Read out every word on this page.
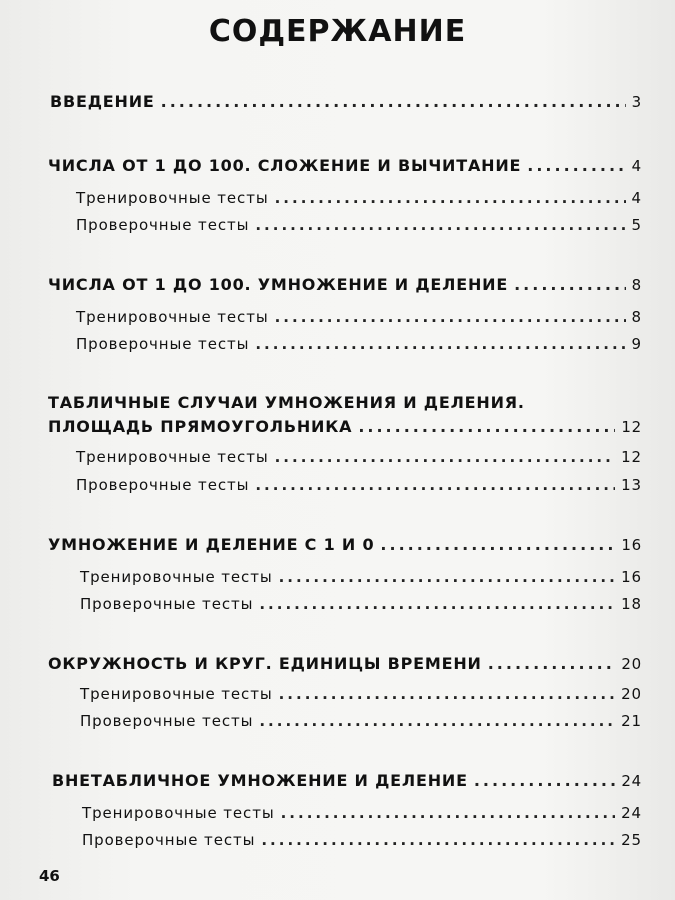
СОДЕРЖАНИЕ
ВВЕДЕНИЕ .....	3
ЧИСЛА ОТ 1 ДО 100. СЛОЖЕНИЕ И ВЫЧИТАНИЕ .....	4
Тренировочные тесты .....	4
Проверочные тесты .....	5
ЧИСЛА ОТ 1 ДО 100. УМНОЖЕНИЕ И ДЕЛЕНИЕ .....	8
Тренировочные тесты .....	8
Проверочные тесты .....	9
ТАБЛИЧНЫЕ СЛУЧАИ УМНОЖЕНИЯ И ДЕЛЕНИЯ.
ПЛОЩАДЬ ПРЯМОУГОЛЬНИКА .....	12
Тренировочные тесты .....	12
Проверочные тесты .....	13
УМНОЖЕНИЕ И ДЕЛЕНИЕ С 1 И 0 .....	16
Тренировочные тесты .....	16
Проверочные тесты .....	18
ОКРУЖНОСТЬ И КРУГ. ЕДИНИЦЫ ВРЕМЕНИ .....	20
Тренировочные тесты .....	20
Проверочные тесты .....	21
ВНЕТАБЛИЧНОЕ УМНОЖЕНИЕ И ДЕЛЕНИЕ .....	24
Тренировочные тесты .....	24
Проверочные тесты .....	25
46
